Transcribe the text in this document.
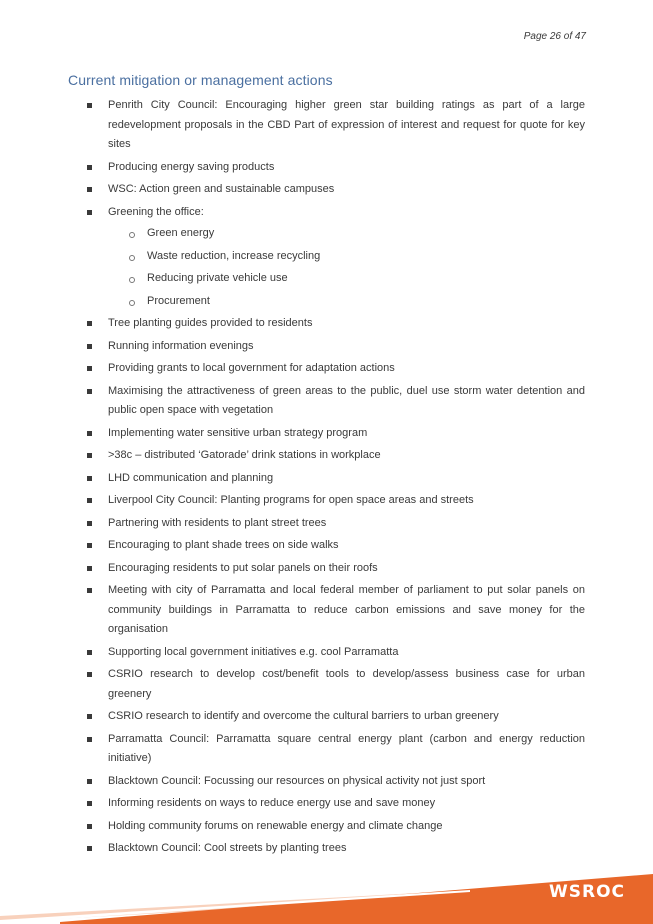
Page 26 of 47
Current mitigation or management actions
Penrith City Council: Encouraging higher green star building ratings as part of a large redevelopment proposals in the CBD Part of expression of interest and request for quote for key sites
Producing energy saving products
WSC: Action green and sustainable campuses
Greening the office:
Green energy
Waste reduction, increase recycling
Reducing private vehicle use
Procurement
Tree planting guides provided to residents
Running information evenings
Providing grants to local government for adaptation actions
Maximising the attractiveness of green areas to the public, duel use storm water detention and public open space with vegetation
Implementing water sensitive urban strategy program
>38c – distributed ‘Gatorade’ drink stations in workplace
LHD communication and planning
Liverpool City Council: Planting programs for open space areas and streets
Partnering with residents to plant street trees
Encouraging to plant shade trees on side walks
Encouraging residents to put solar panels on their roofs
Meeting with city of Parramatta and local federal member of parliament to put solar panels on community buildings in Parramatta to reduce carbon emissions and save money for the organisation
Supporting local government initiatives e.g. cool Parramatta
CSRIO research to develop cost/benefit tools to develop/assess business case for urban greenery
CSRIO research to identify and overcome the cultural barriers to urban greenery
Parramatta Council: Parramatta square central energy plant (carbon and energy reduction initiative)
Blacktown Council: Focussing our resources on physical activity not just sport
Informing residents on ways to reduce energy use and save money
Holding community forums on renewable energy and climate change
Blacktown Council: Cool streets by planting trees
WSROC
